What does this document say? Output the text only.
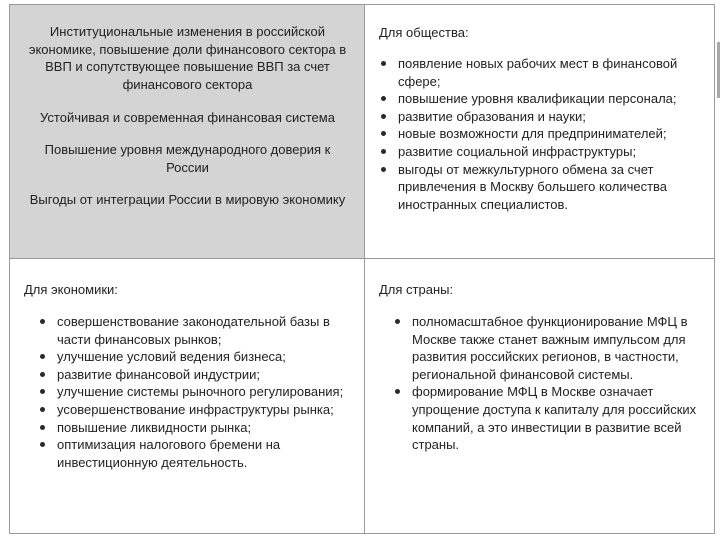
Институциональные изменения в российской экономике, повышение доли финансового сектора в ВВП и сопутствующее повышение ВВП за счет финансового сектора
Устойчивая и современная финансовая система
Повышение уровня международного доверия к России
Выгоды от интеграции России в мировую экономику
Для общества:
появление новых рабочих мест в финансовой сфере;
повышение уровня квалификации персонала;
развитие образования и науки;
новые возможности для предпринимателей;
развитие социальной инфраструктуры;
выгоды от межкультурного обмена за счет привлечения в Москву большего количества иностранных специалистов.
Для экономики:
совершенствование законодательной базы в части финансовых рынков;
улучшение условий ведения бизнеса;
развитие финансовой индустрии;
улучшение системы рыночного регулирования;
усовершенствование инфраструктуры рынка;
повышение ликвидности рынка;
оптимизация налогового бремени на инвестиционную деятельность.
Для страны:
полномасштабное функционирование МФЦ в Москве также станет важным импульсом для развития российских регионов, в частности, региональной финансовой системы.
формирование МФЦ в Москве означает упрощение доступа к капиталу для российских компаний, а это инвестиции в развитие всей страны.
